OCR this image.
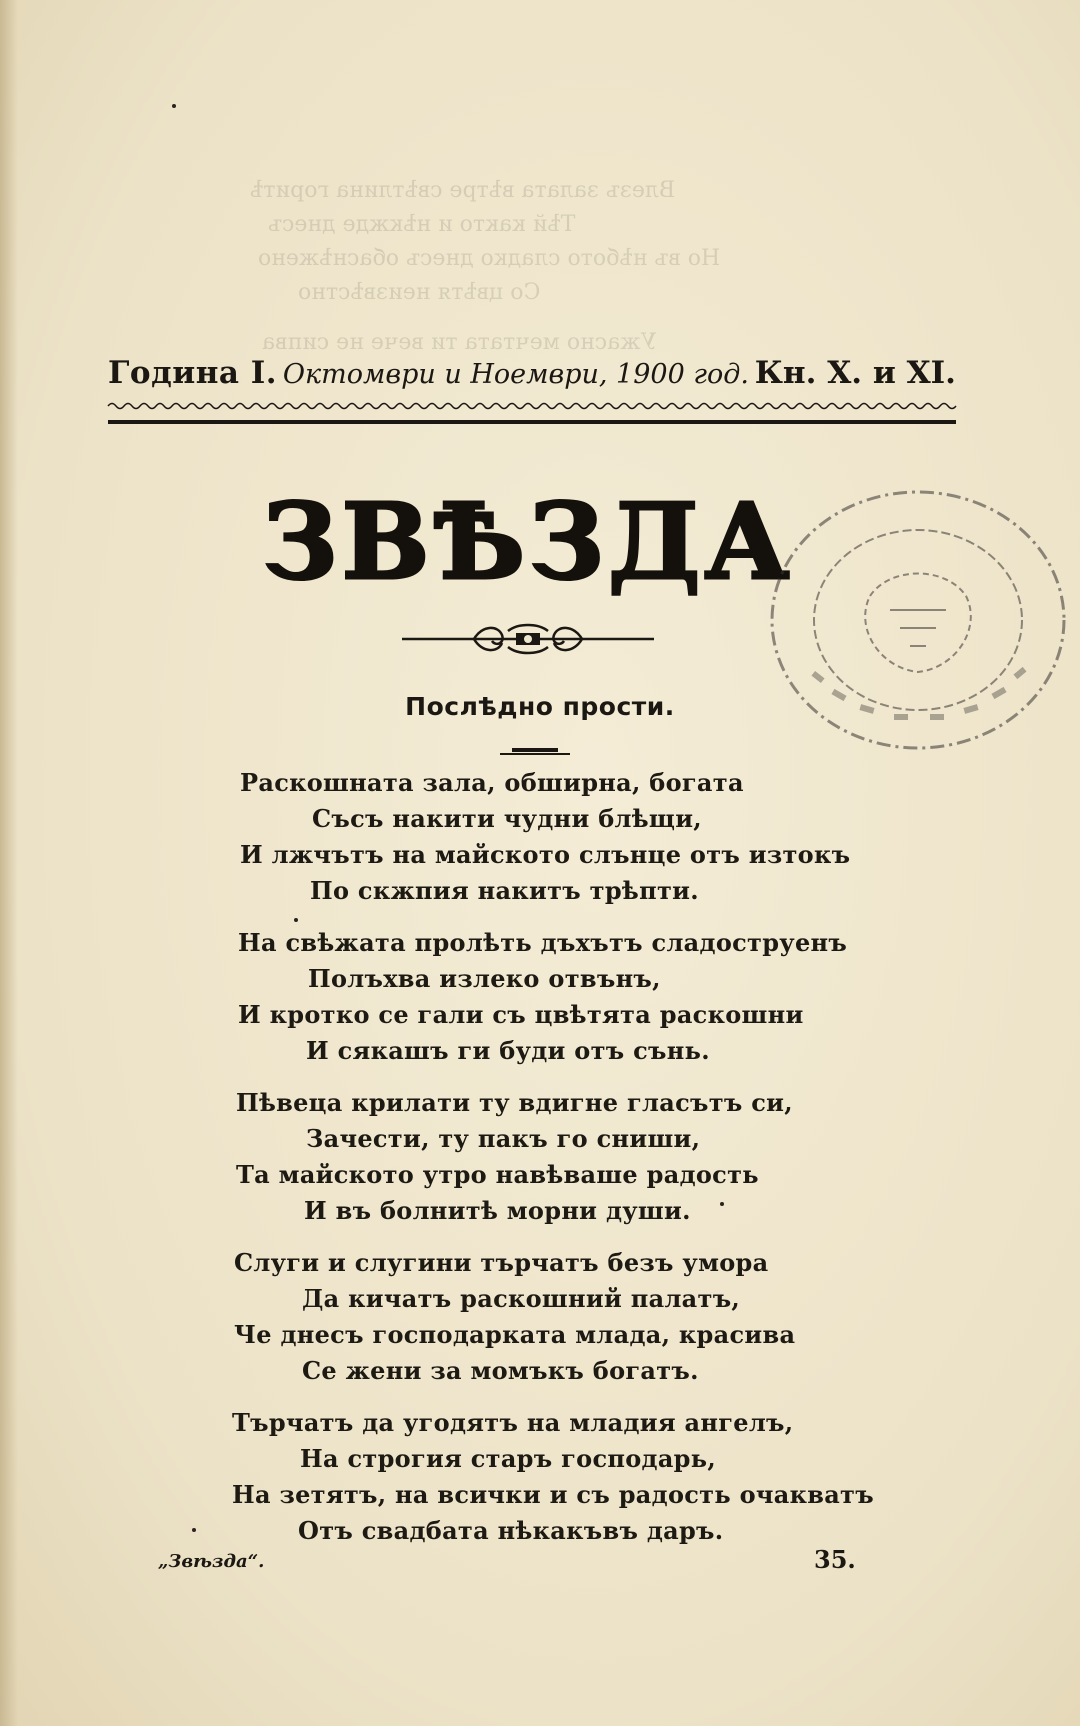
Влезъ залата вѣтре свѣтлина горитѣ
Тѣй както и нѣкжде днесъ
Но въ нѣбото сладко днесъ обаснѣжено
Со цвѣтя неизвѣстно
Ужасно мечтата ти вече не сипва
Година I. Октомври и Ноември, 1900 год. Кн. X. и XI.
ЗВѢЗДА
Послѣдно прости.
Раскошната зала, обширна, богата
Съсъ накити чудни блѣщи,
И лжчътъ на майското слънце отъ изтокъ
По скжпия накитъ трѣпти.
На свѣжата пролѣть дъхътъ сладоструенъ
Полъхва излеко отвънъ,
И кротко се гали съ цвѣтята раскошни
И сякашъ ги буди отъ сънь.
Пѣвеца крилати ту вдигне гласътъ си,
Зачести, ту пакъ го сниши,
Та майското утро навѣваше радость
И въ болнитѣ морни души.
Слуги и слугини търчатъ безъ умора
Да кичатъ раскошний палатъ,
Че днесъ господарката млада, красива
Се жени за момъкъ богатъ.
Търчатъ да угодятъ на младия ангелъ,
На строгия старъ господарь,
На зетятъ, на всички и съ радость очакватъ
Отъ свадбата нѣкакъвъ даръ.
„Звѣзда“.	35.
